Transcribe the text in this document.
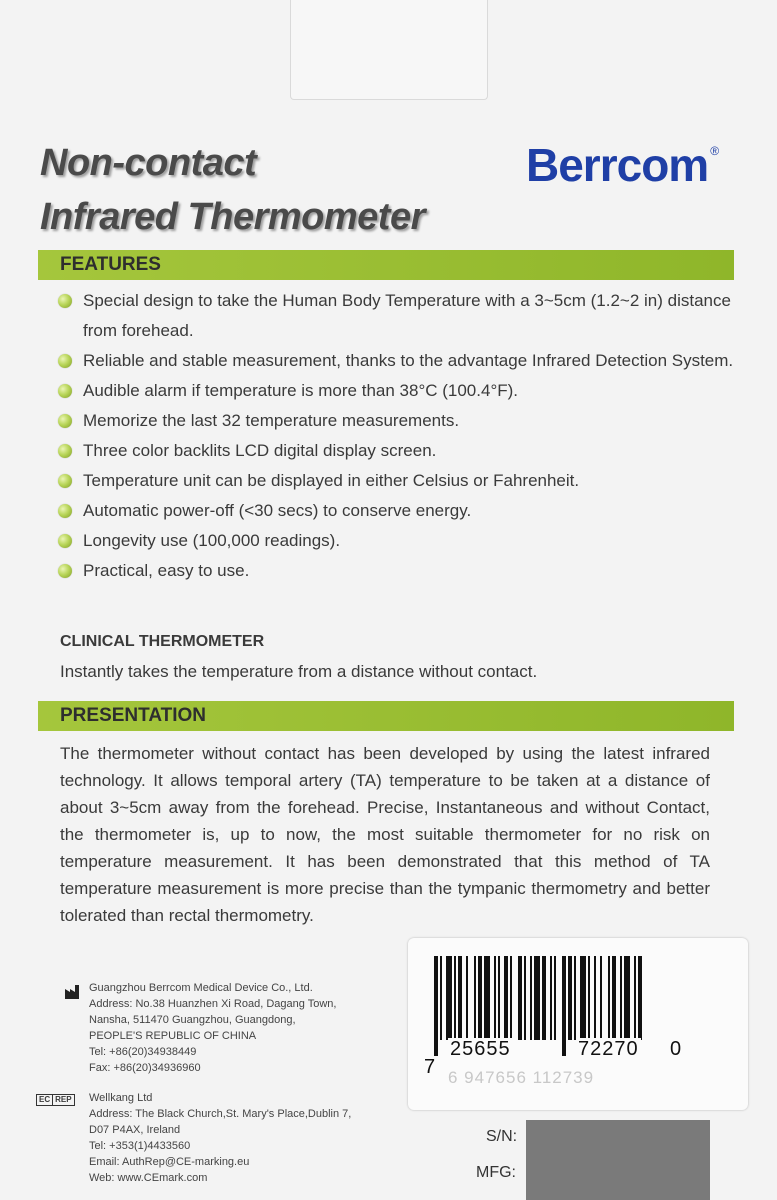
Non-contact
Infrared Thermometer
Berrcom ®
FEATURES
Special design to take the Human Body Temperature with a 3~5cm (1.2~2 in) distance from forehead.
Reliable and stable measurement, thanks to the advantage Infrared Detection System.
Audible alarm if temperature is more than 38°C (100.4°F).
Memorize the last 32 temperature measurements.
Three color backlits LCD digital display screen.
Temperature unit can be displayed in either Celsius or Fahrenheit.
Automatic power-off (<30 secs) to conserve energy.
Longevity use (100,000 readings).
Practical, easy to use.
CLINICAL THERMOMETER
Instantly takes the temperature from a distance without contact.
PRESENTATION
The thermometer without contact has been developed by using the latest infrared technology. It allows temporal artery (TA) temperature to be taken at a distance of about 3~5cm away from the forehead. Precise, Instantaneous and without Contact, the thermometer is, up to now, the most suitable thermometer for no risk on temperature measurement. It has been demonstrated that this method of TA temperature measurement is more precise than the tympanic thermometry and better tolerated than rectal thermometry.
Guangzhou Berrcom Medical Device Co., Ltd.
Address: No.38 Huanzhen Xi Road, Dagang Town,
Nansha, 511470 Guangzhou, Guangdong,
PEOPLE'S REPUBLIC OF CHINA
Tel: +86(20)34938449
Fax: +86(20)34936960
EC REP Wellkang Ltd
Address: The Black Church,St. Mary's Place,Dublin 7,
D07 P4AX, Ireland
Tel: +353(1)4433560
Email: AuthRep@CE-marking.eu
Web: www.CEmark.com
7
25655	72270 0
6 947656 112739
S/N:
MFG:
